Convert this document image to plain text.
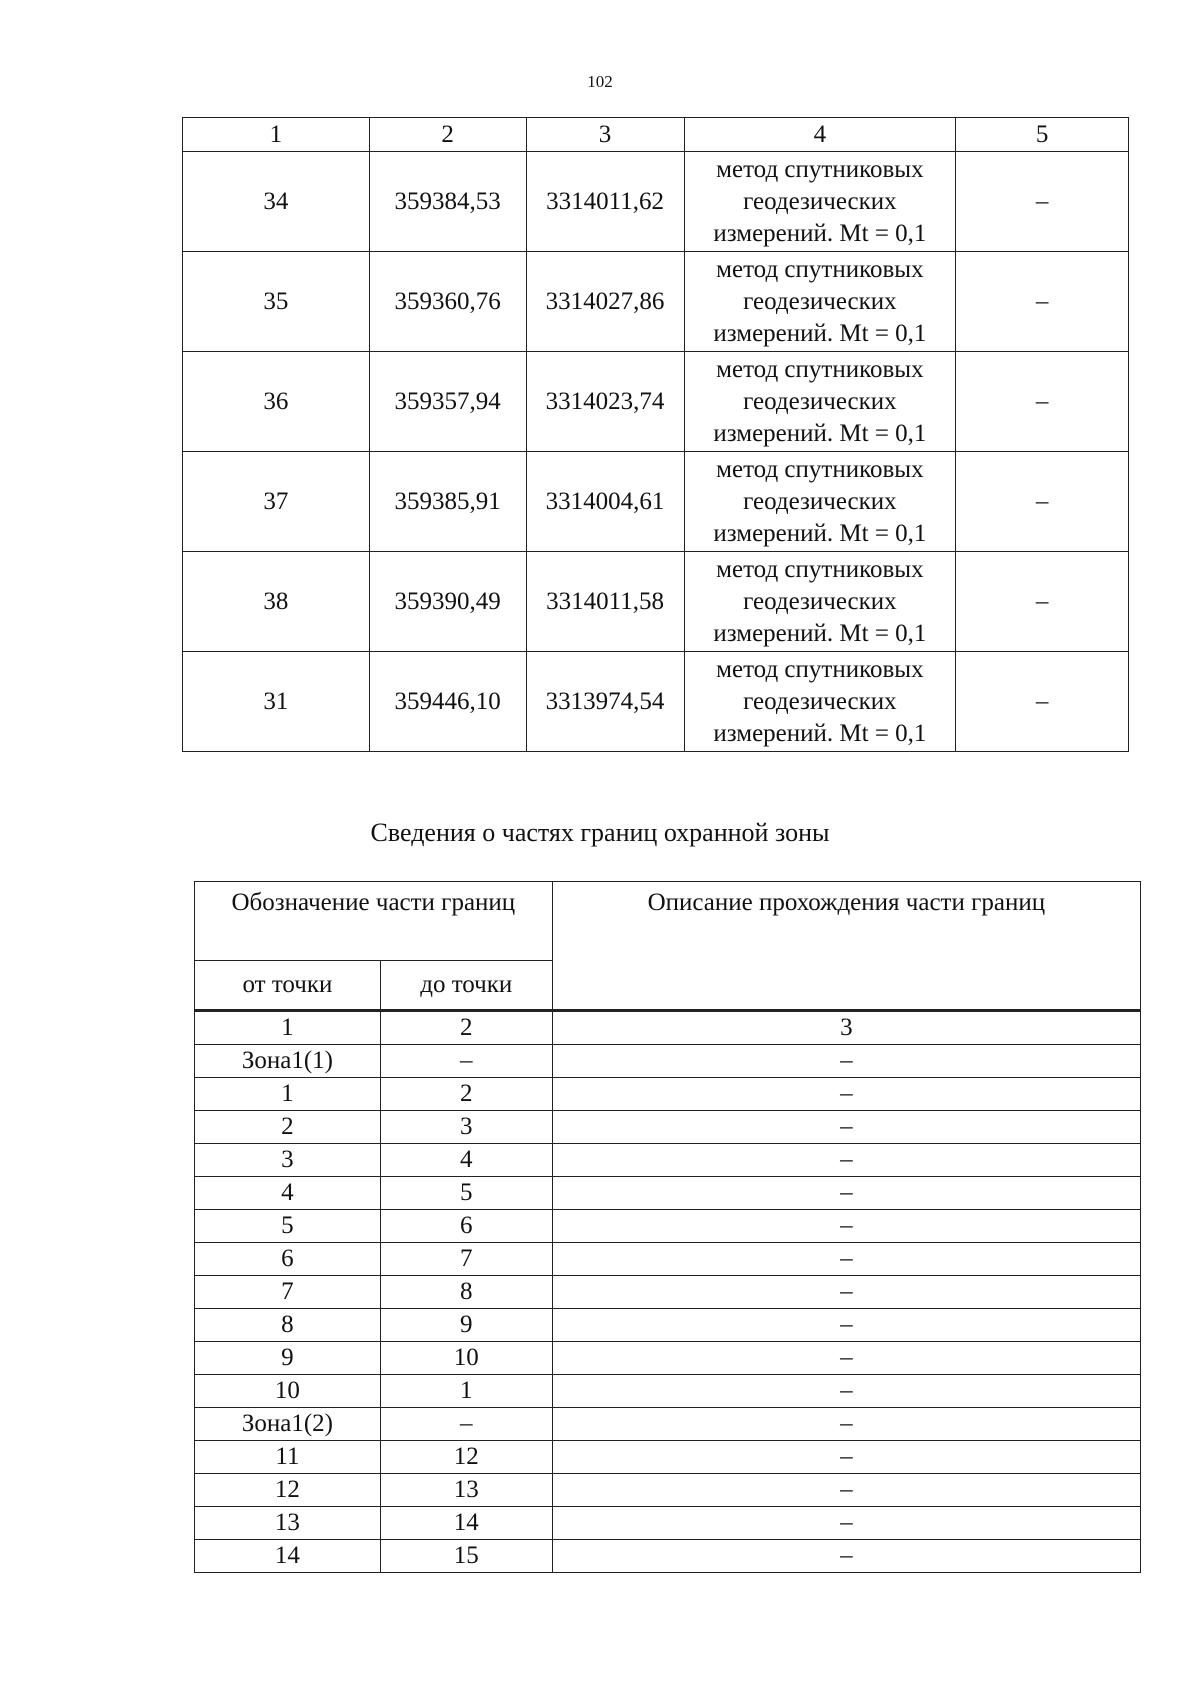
102
1	2	3	4	5
34	359384,53	3314011,62	метод спутниковых
геодезических
измерений. Mt = 0,1	–
35	359360,76	3314027,86	метод спутниковых
геодезических
измерений. Mt = 0,1	–
36	359357,94	3314023,74	метод спутниковых
геодезических
измерений. Mt = 0,1	–
37	359385,91	3314004,61	метод спутниковых
геодезических
измерений. Mt = 0,1	–
38	359390,49	3314011,58	метод спутниковых
геодезических
измерений. Mt = 0,1	–
31	359446,10	3313974,54	метод спутниковых
геодезических
измерений. Mt = 0,1	–
Сведения о частях границ охранной зоны
Обозначение части границ		Описание прохождения части границ
от точки	до точки	
1	2	3
Зона1(1)	–	–
1	2	–
2	3	–
3	4	–
4	5	–
5	6	–
6	7	–
7	8	–
8	9	–
9	10	–
10	1	–
Зона1(2)	–	–
11	12	–
12	13	–
13	14	–
14	15	–
